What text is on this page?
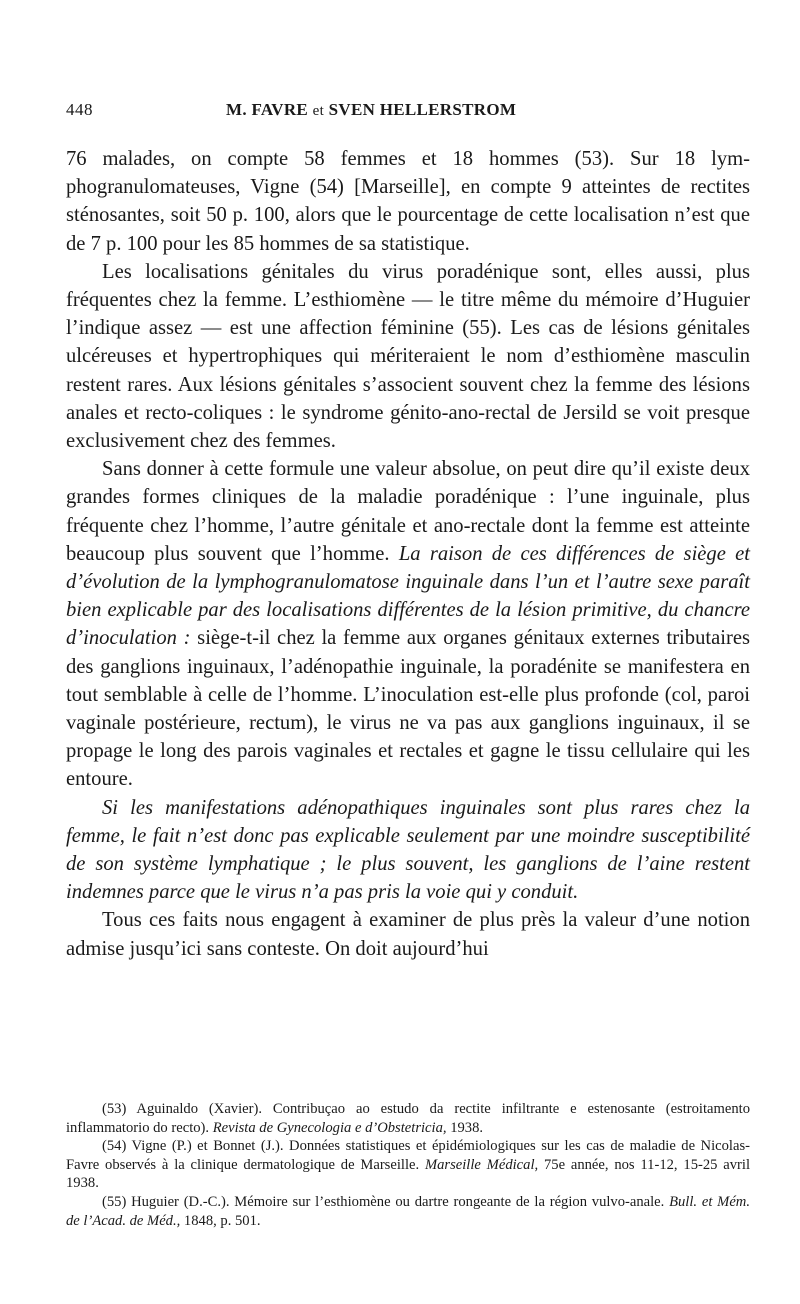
448	M. FAVRE et SVEN HELLERSTROM

76 malades, on compte 58 femmes et 18 hommes (53). Sur 18 lymphogranulomateuses, Vigne (54) [Marseille], en compte 9 atteintes de rectites sténosantes, soit 50 p. 100, alors que le pourcentage de cette localisation n’est que de 7 p. 100 pour les 85 hommes de sa statistique.

Les localisations génitales du virus poradénique sont, elles aussi, plus fréquentes chez la femme. L’esthiomène — le titre même du mémoire d’Huguier l’indique assez — est une affection féminine (55). Les cas de lésions génitales ulcéreuses et hypertrophiques qui mériteraient le nom d’esthiomène masculin restent rares. Aux lésions génitales s’associent souvent chez la femme des lésions anales et recto-coliques : le syndrome génito-ano-rectal de Jersild se voit presque exclusivement chez des femmes.

Sans donner à cette formule une valeur absolue, on peut dire qu’il existe deux grandes formes cliniques de la maladie poradénique : l’une inguinale, plus fréquente chez l’homme, l’autre génitale et ano-rectale dont la femme est atteinte beaucoup plus souvent que l’homme. La raison de ces différences de siège et d’évolution de la lymphogranulomatose inguinale dans l’un et l’autre sexe paraît bien explicable par des localisations différentes de la lésion primitive, du chancre d’inoculation : siège-t-il chez la femme aux organes génitaux externes tributaires des ganglions inguinaux, l’adénopathie inguinale, la poradénite se manifestera en tout semblable à celle de l’homme. L’inoculation est-elle plus profonde (col, paroi vaginale postérieure, rectum), le virus ne va pas aux ganglions inguinaux, il se propage le long des parois vaginales et rectales et gagne le tissu cellulaire qui les entoure.

Si les manifestations adénopathiques inguinales sont plus rares chez la femme, le fait n’est donc pas explicable seulement par une moindre susceptibilité de son système lymphatique ; le plus souvent, les ganglions de l’aine restent indemnes parce que le virus n’a pas pris la voie qui y conduit.

Tous ces faits nous engagent à examiner de plus près la valeur d’une notion admise jusqu’ici sans conteste. On doit aujourd’hui

(53) Aguinaldo (Xavier). Contribuçao ao estudo da rectite infiltrante e estenosante (estroitamento inflammatorio do recto). Revista de Gynecologia e d’Obstetricia, 1938.

(54) Vigne (P.) et Bonnet (J.). Données statistiques et épidémiologiques sur les cas de maladie de Nicolas-Favre observés à la clinique dermatologique de Marseille. Marseille Médical, 75e année, nos 11-12, 15-25 avril 1938.

(55) Huguier (D.-C.). Mémoire sur l’esthiomène ou dartre rongeante de la région vulvo-anale. Bull. et Mém. de l’Acad. de Méd., 1848, p. 501.
